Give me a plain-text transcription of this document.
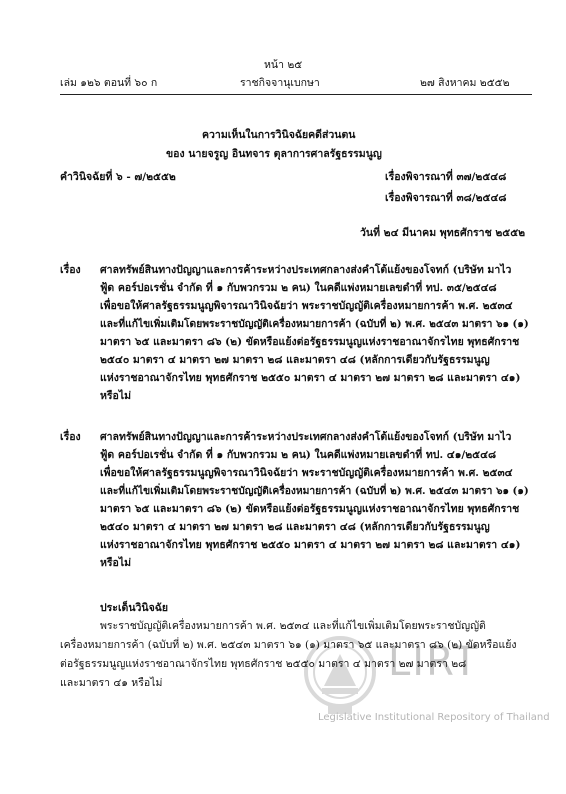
หน้า ๒๕
เล่ม ๑๒๖ ตอนที่ ๖๐ ก	ราชกิจจานุเบกษา	๒๗ สิงหาคม ๒๕๕๒
ความเห็นในการวินิจฉัยคดีส่วนตน
ของ นายจรูญ อินทจาร ตุลาการศาลรัฐธรรมนูญ
คำวินิจฉัยที่ ๖ - ๗/๒๕๕๒	เรื่องพิจารณาที่ ๓๗/๒๕๔๘
เรื่องพิจารณาที่ ๓๘/๒๕๔๘
วันที่ ๒๔ มีนาคม พุทธศักราช ๒๕๕๒
เรื่อง ศาลทรัพย์สินทางปัญญาและการค้าระหว่างประเทศกลางส่งคำโต้แย้งของโจทก์ (บริษัท มาไว
ฟู้ด คอร์ปอเรชั่น จำกัด ที่ ๑ กับพวกรวม ๒ คน) ในคดีแพ่งหมายเลขดำที่ ทป. ๓๕/๒๕๔๘
เพื่อขอให้ศาลรัฐธรรมนูญพิจารณาวินิจฉัยว่า พระราชบัญญัติเครื่องหมายการค้า พ.ศ. ๒๕๓๔
และที่แก้ไขเพิ่มเติมโดยพระราชบัญญัติเครื่องหมายการค้า (ฉบับที่ ๒) พ.ศ. ๒๕๔๓ มาตรา ๖๑ (๑)
มาตรา ๖๕ และมาตรา ๘๖ (๒) ขัดหรือแย้งต่อรัฐธรรมนูญแห่งราชอาณาจักรไทย พุทธศักราช
๒๕๔๐ มาตรา ๔ มาตรา ๒๗ มาตรา ๒๘ และมาตรา ๔๘ (หลักการเดียวกับรัฐธรรมนูญ
แห่งราชอาณาจักรไทย พุทธศักราช ๒๕๕๐ มาตรา ๔ มาตรา ๒๗ มาตรา ๒๘ และมาตรา ๔๑)
หรือไม่
เรื่อง ศาลทรัพย์สินทางปัญญาและการค้าระหว่างประเทศกลางส่งคำโต้แย้งของโจทก์ (บริษัท มาไว
ฟู้ด คอร์ปอเรชั่น จำกัด ที่ ๑ กับพวกรวม ๒ คน) ในคดีแพ่งหมายเลขดำที่ ทป. ๔๑/๒๕๔๘
เพื่อขอให้ศาลรัฐธรรมนูญพิจารณาวินิจฉัยว่า พระราชบัญญัติเครื่องหมายการค้า พ.ศ. ๒๕๓๔
และที่แก้ไขเพิ่มเติมโดยพระราชบัญญัติเครื่องหมายการค้า (ฉบับที่ ๒) พ.ศ. ๒๕๔๓ มาตรา ๖๑ (๑)
มาตรา ๖๕ และมาตรา ๘๖ (๒) ขัดหรือแย้งต่อรัฐธรรมนูญแห่งราชอาณาจักรไทย พุทธศักราช
๒๕๔๐ มาตรา ๔ มาตรา ๒๗ มาตรา ๒๘ และมาตรา ๔๘ (หลักการเดียวกับรัฐธรรมนูญ
แห่งราชอาณาจักรไทย พุทธศักราช ๒๕๕๐ มาตรา ๔ มาตรา ๒๗ มาตรา ๒๘ และมาตรา ๔๑)
หรือไม่
LIRT
Legislative Institutional Repository of Thailand
ประเด็นวินิจฉัย
พระราชบัญญัติเครื่องหมายการค้า พ.ศ. ๒๕๓๔ และที่แก้ไขเพิ่มเติมโดยพระราชบัญญัติ
เครื่องหมายการค้า (ฉบับที่ ๒) พ.ศ. ๒๕๔๓ มาตรา ๖๑ (๑) มาตรา ๖๕ และมาตรา ๘๖ (๒) ขัดหรือแย้ง
ต่อรัฐธรรมนูญแห่งราชอาณาจักรไทย พุทธศักราช ๒๕๕๐ มาตรา ๔ มาตรา ๒๗ มาตรา ๒๘
และมาตรา ๔๑ หรือไม่
